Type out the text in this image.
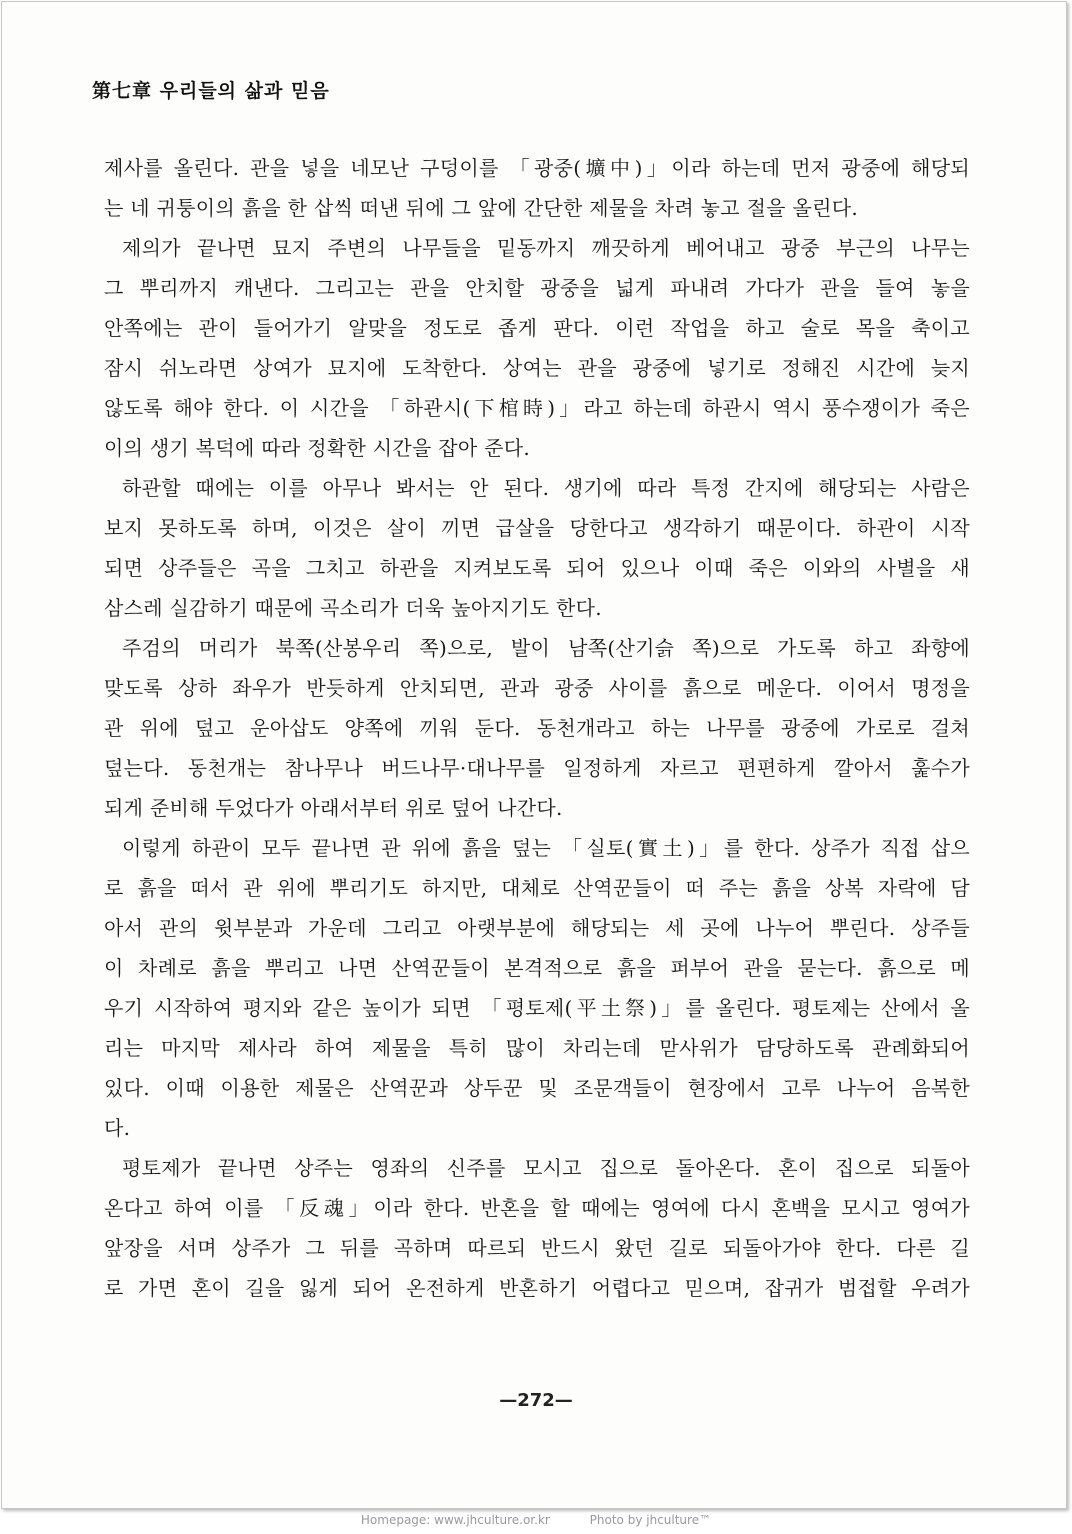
第七章 우리들의 삶과 믿음
제사를 올린다. 관을 넣을 네모난 구덩이를 「광중(壙中)」이라 하는데 먼저 광중에 해당되
는 네 귀퉁이의 흙을 한 삽씩 떠낸 뒤에 그 앞에 간단한 제물을 차려 놓고 절을 올린다.
제의가 끝나면 묘지 주변의 나무들을 밑동까지 깨끗하게 베어내고 광중 부근의 나무는
그 뿌리까지 캐낸다. 그리고는 관을 안치할 광중을 넓게 파내려 가다가 관을 들여 놓을
안쪽에는 관이 들어가기 알맞을 정도로 좁게 판다. 이런 작업을 하고 술로 목을 축이고
잠시 쉬노라면 상여가 묘지에 도착한다. 상여는 관을 광중에 넣기로 정해진 시간에 늦지
않도록 해야 한다. 이 시간을 「하관시(下棺時)」라고 하는데 하관시 역시 풍수쟁이가 죽은
이의 생기 복덕에 따라 정확한 시간을 잡아 준다.
하관할 때에는 이를 아무나 봐서는 안 된다. 생기에 따라 특정 간지에 해당되는 사람은
보지 못하도록 하며, 이것은 살이 끼면 급살을 당한다고 생각하기 때문이다. 하관이 시작
되면 상주들은 곡을 그치고 하관을 지켜보도록 되어 있으나 이때 죽은 이와의 사별을 새
삼스레 실감하기 때문에 곡소리가 더욱 높아지기도 한다.
주검의 머리가 북쪽(산봉우리 쪽)으로, 발이 남쪽(산기슭 쪽)으로 가도록 하고 좌향에
맞도록 상하 좌우가 반듯하게 안치되면, 관과 광중 사이를 흙으로 메운다. 이어서 명정을
관 위에 덮고 운아삽도 양쪽에 끼워 둔다. 동천개라고 하는 나무를 광중에 가로로 걸쳐
덮는다. 동천개는 참나무나 버드나무·대나무를 일정하게 자르고 편편하게 깔아서 훑수가
되게 준비해 두었다가 아래서부터 위로 덮어 나간다.
이렇게 하관이 모두 끝나면 관 위에 흙을 덮는 「실토(實土)」를 한다. 상주가 직접 삽으
로 흙을 떠서 관 위에 뿌리기도 하지만, 대체로 산역꾼들이 떠 주는 흙을 상복 자락에 담
아서 관의 윗부분과 가운데 그리고 아랫부분에 해당되는 세 곳에 나누어 뿌린다. 상주들
이 차례로 흙을 뿌리고 나면 산역꾼들이 본격적으로 흙을 퍼부어 관을 묻는다. 흙으로 메
우기 시작하여 평지와 같은 높이가 되면 「평토제(平土祭)」를 올린다. 평토제는 산에서 올
리는 마지막 제사라 하여 제물을 특히 많이 차리는데 맏사위가 담당하도록 관례화되어
있다. 이때 이용한 제물은 산역꾼과 상두꾼 및 조문객들이 현장에서 고루 나누어 음복한
다.
평토제가 끝나면 상주는 영좌의 신주를 모시고 집으로 돌아온다. 혼이 집으로 되돌아
온다고 하여 이를 「反魂」이라 한다. 반혼을 할 때에는 영여에 다시 혼백을 모시고 영여가
앞장을 서며 상주가 그 뒤를 곡하며 따르되 반드시 왔던 길로 되돌아가야 한다. 다른 길
로 가면 혼이 길을 잃게 되어 온전하게 반혼하기 어렵다고 믿으며, 잡귀가 범접할 우려가
—272—
Homepage: www.jhculture.or.kr	Photo by jhculture™
